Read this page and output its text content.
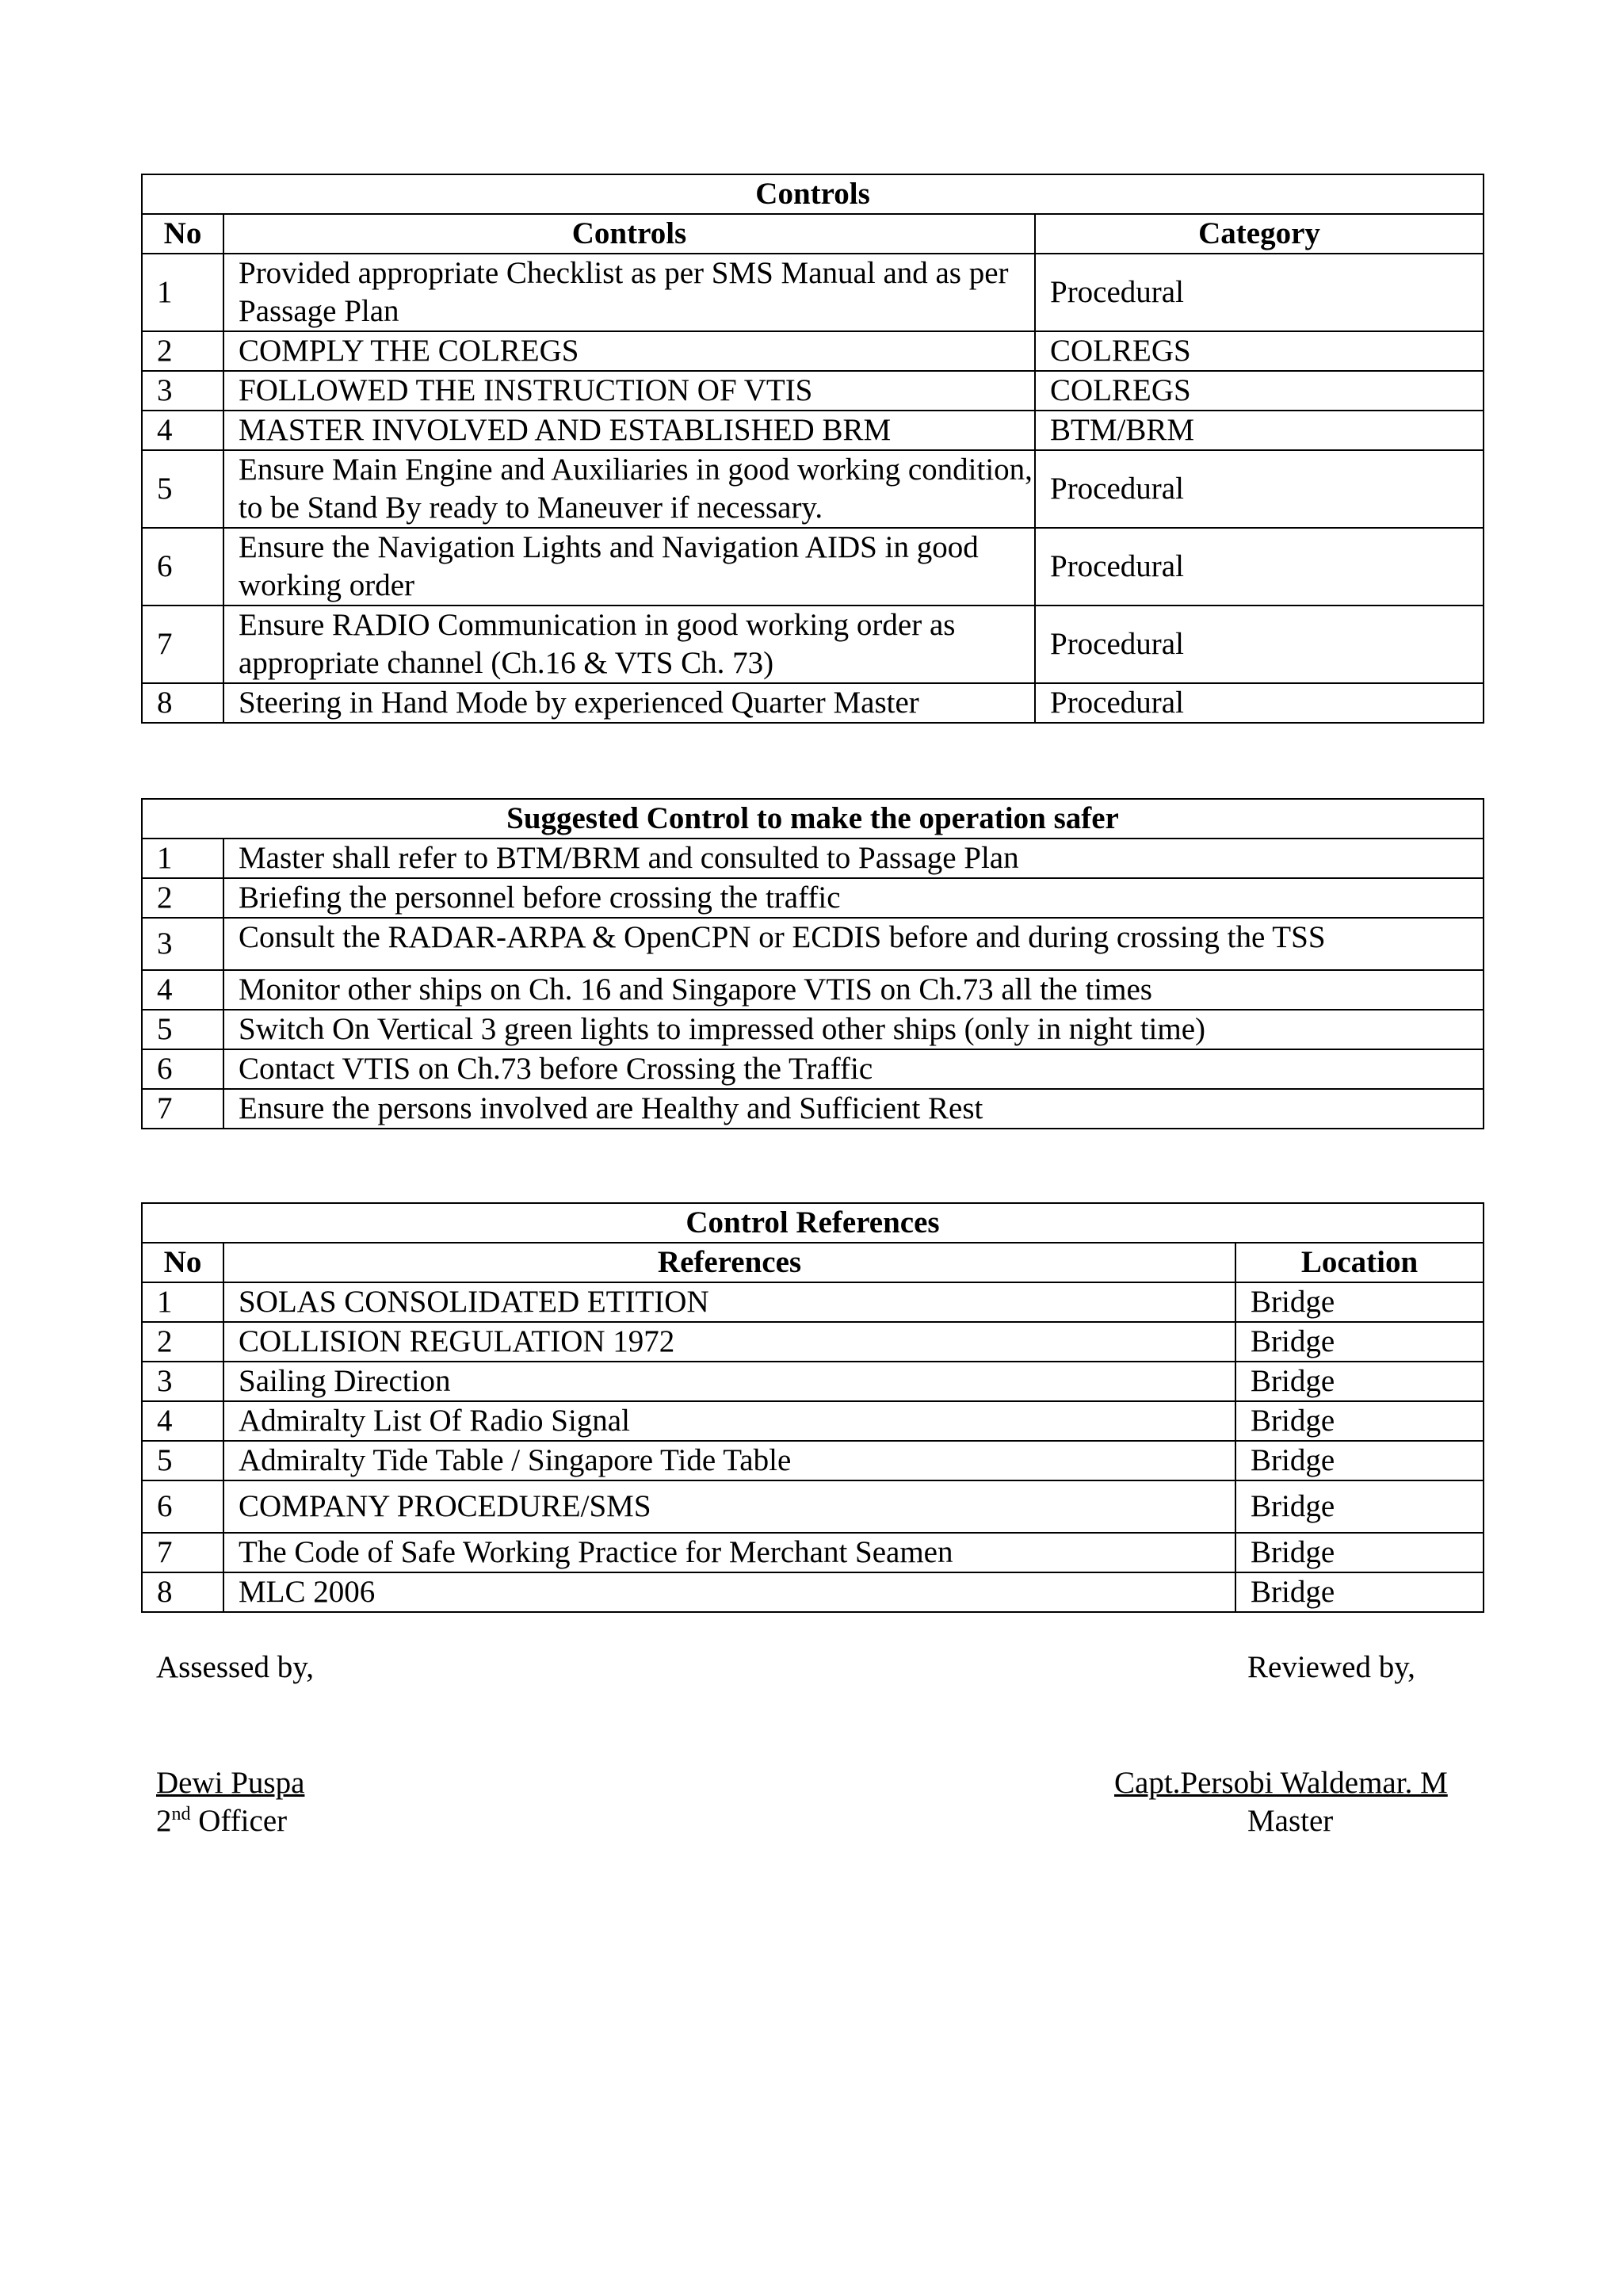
Controls		
No	Controls	Category
1	Provided appropriate Checklist as per SMS Manual and as per Passage Plan	Procedural
2	COMPLY THE COLREGS	COLREGS
3	FOLLOWED THE INSTRUCTION OF VTIS	COLREGS
4	MASTER INVOLVED AND ESTABLISHED BRM	BTM/BRM
5	Ensure Main Engine and Auxiliaries in good working condition, to be Stand By ready to Maneuver if necessary.	Procedural
6	Ensure the Navigation Lights and Navigation AIDS in good working order	Procedural
7	Ensure RADIO Communication in good working order as appropriate channel (Ch.16 & VTS Ch. 73)	Procedural
8	Steering in Hand Mode by experienced Quarter Master	Procedural
Suggested Control to make the operation safer	
1	Master shall refer to BTM/BRM and consulted to Passage Plan
2	Briefing the personnel before crossing the traffic
3	Consult the RADAR-ARPA & OpenCPN or ECDIS before and during crossing the TSS
4	Monitor other ships on Ch. 16 and Singapore VTIS on Ch.73 all the times
5	Switch On Vertical 3 green lights to impressed other ships (only in night time)
6	Contact VTIS on Ch.73 before Crossing the Traffic
7	Ensure the persons involved are Healthy and Sufficient Rest
Control References		
No	References	Location
1	SOLAS CONSOLIDATED ETITION	Bridge
2	COLLISION REGULATION 1972	Bridge
3	Sailing Direction	Bridge
4	Admiralty List Of Radio Signal	Bridge
5	Admiralty Tide Table / Singapore Tide Table	Bridge
6	COMPANY PROCEDURE/SMS	Bridge
7	The Code of Safe Working Practice for Merchant Seamen	Bridge
8	MLC 2006	Bridge
Assessed by,	Reviewed by,
Dewi Puspa
2nd Officer
Capt.Persobi Waldemar. M
Master
